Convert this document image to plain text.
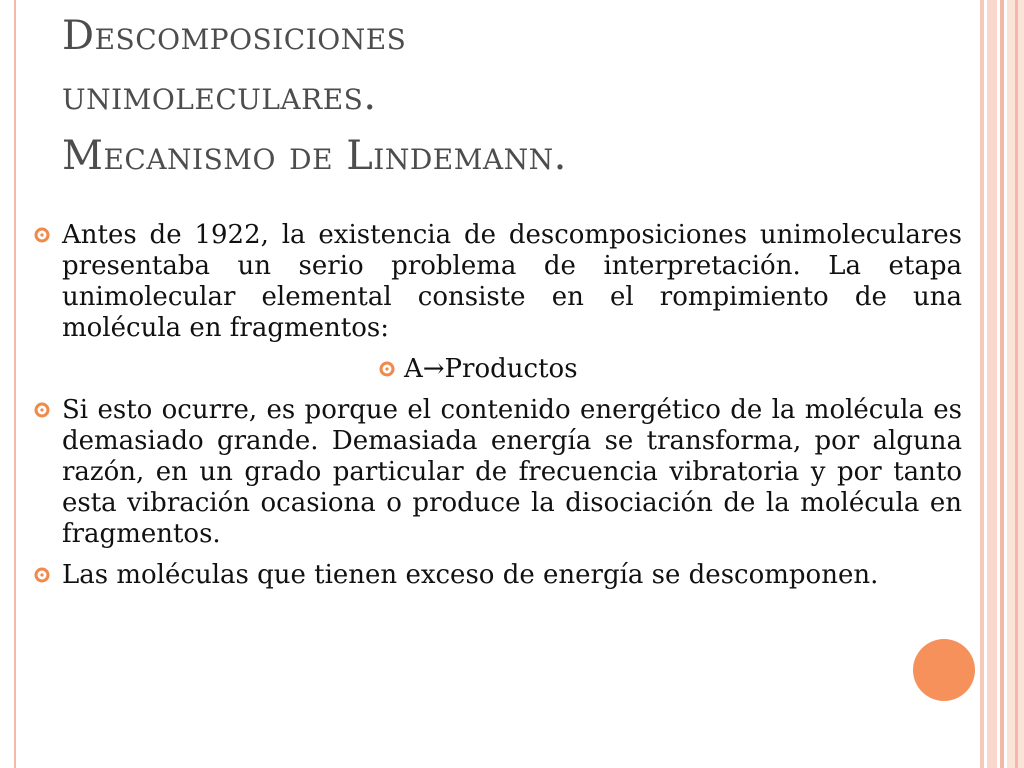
Descomposiciones
unimoleculares.
Mecanismo de Lindemann.
Antes de 1922, la existencia de descomposiciones unimoleculares presentaba un serio problema de interpretación. La etapa unimolecular elemental consiste en el rompimiento de una molécula en fragmentos:
A→Productos
Si esto ocurre, es porque el contenido energético de la molécula es demasiado grande. Demasiada energía se transforma, por alguna razón, en un grado particular de frecuencia vibratoria y por tanto esta vibración ocasiona o produce la disociación de la molécula en fragmentos.
Las moléculas que tienen exceso de energía se descomponen.
